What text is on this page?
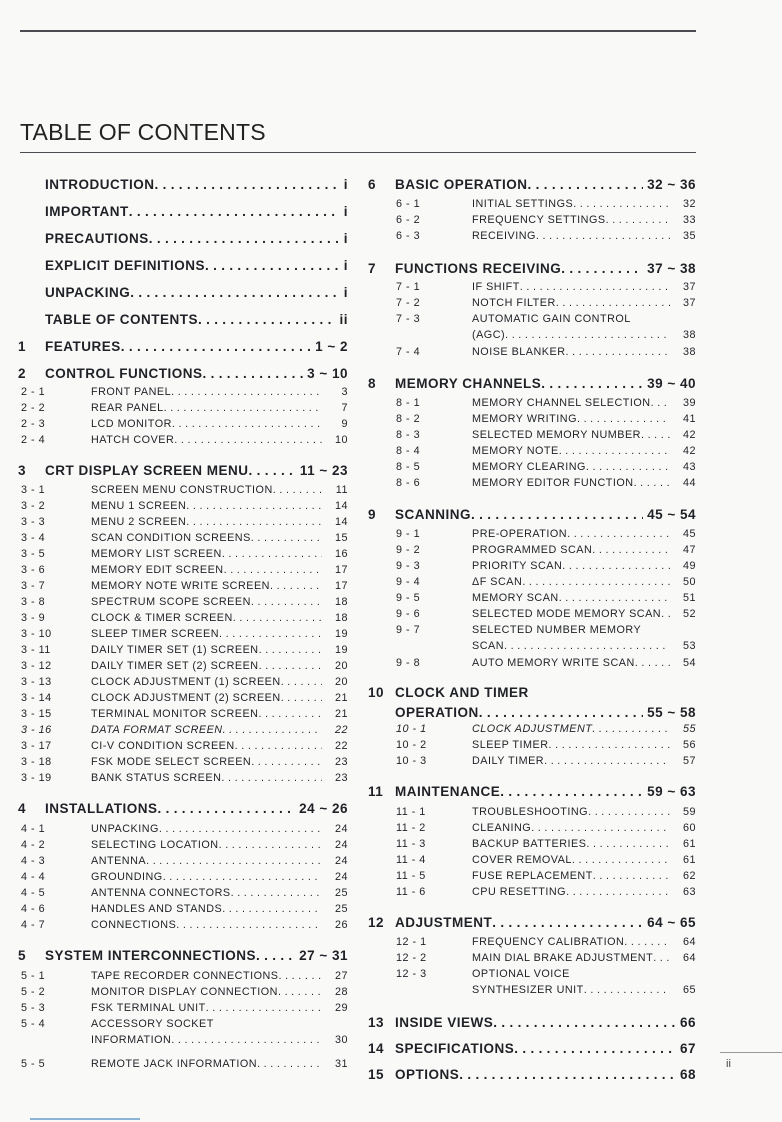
TABLE OF CONTENTS
INTRODUCTION . . .	i
IMPORTANT . . .	i
PRECAUTIONS . . .	i
EXPLICIT DEFINITIONS . . .	i
UNPACKING . . .	i
TABLE OF CONTENTS . . .	ii
1	FEATURES . . .	1 ~ 2
2	CONTROL FUNCTIONS . . .	3 ~ 10
2 - 1	FRONT PANEL . . .	3
2 - 2	REAR PANEL . . .	7
2 - 3	LCD MONITOR . . .	9
2 - 4	HATCH COVER . . .	10
3	CRT DISPLAY SCREEN MENU . . .	11 ~ 23
3 - 1	SCREEN MENU CONSTRUCTION . . .	11
3 - 2	MENU 1 SCREEN . . .	14
3 - 3	MENU 2 SCREEN . . .	14
3 - 4	SCAN CONDITION SCREENS . . .	15
3 - 5	MEMORY LIST SCREEN . . .	16
3 - 6	MEMORY EDIT SCREEN . . .	17
3 - 7	MEMORY NOTE WRITE SCREEN . . .	17
3 - 8	SPECTRUM SCOPE SCREEN . . .	18
3 - 9	CLOCK & TIMER SCREEN . . .	18
3 - 10	SLEEP TIMER SCREEN . . .	19
3 - 11	DAILY TIMER SET (1) SCREEN . . .	19
3 - 12	DAILY TIMER SET (2) SCREEN . . .	20
3 - 13	CLOCK ADJUSTMENT (1) SCREEN . . .	20
3 - 14	CLOCK ADJUSTMENT (2) SCREEN . . .	21
3 - 15	TERMINAL MONITOR SCREEN . . .	21
3 - 16	DATA FORMAT SCREEN . . .	22
3 - 17	CI-V CONDITION SCREEN . . .	22
3 - 18	FSK MODE SELECT SCREEN . . .	23
3 - 19	BANK STATUS SCREEN . . .	23
4	INSTALLATIONS . . .	24 ~ 26
4 - 1	UNPACKING . . .	24
4 - 2	SELECTING LOCATION . . .	24
4 - 3	ANTENNA . . .	24
4 - 4	GROUNDING . . .	24
4 - 5	ANTENNA CONNECTORS . . .	25
4 - 6	HANDLES AND STANDS . . .	25
4 - 7	CONNECTIONS . . .	26
5	SYSTEM INTERCONNECTIONS . . .	27 ~ 31
5 - 1	TAPE RECORDER CONNECTIONS . . .	27
5 - 2	MONITOR DISPLAY CONNECTION . . .	28
5 - 3	FSK TERMINAL UNIT . . .	29
5 - 4	ACCESSORY SOCKET
INFORMATION . . .	30
5 - 5	REMOTE JACK INFORMATION . . .	31
6	BASIC OPERATION . . .	32 ~ 36
6 - 1	INITIAL SETTINGS . . .	32
6 - 2	FREQUENCY SETTINGS . . .	33
6 - 3	RECEIVING . . .	35
7	FUNCTIONS RECEIVING . . .	37 ~ 38
7 - 1	IF SHIFT . . .	37
7 - 2	NOTCH FILTER . . .	37
7 - 3	AUTOMATIC GAIN CONTROL
(AGC) . . .	38
7 - 4	NOISE BLANKER . . .	38
8	MEMORY CHANNELS . . .	39 ~ 40
8 - 1	MEMORY CHANNEL SELECTION . . .	39
8 - 2	MEMORY WRITING . . .	41
8 - 3	SELECTED MEMORY NUMBER . . .	42
8 - 4	MEMORY NOTE . . .	42
8 - 5	MEMORY CLEARING . . .	43
8 - 6	MEMORY EDITOR FUNCTION . . .	44
9	SCANNING . . .	45 ~ 54
9 - 1	PRE-OPERATION . . .	45
9 - 2	PROGRAMMED SCAN . . .	47
9 - 3	PRIORITY SCAN . . .	49
9 - 4	ΔF SCAN . . .	50
9 - 5	MEMORY SCAN . . .	51
9 - 6	SELECTED MODE MEMORY SCAN . . .	52
9 - 7	SELECTED NUMBER MEMORY
SCAN . . .	53
9 - 8	AUTO MEMORY WRITE SCAN . . .	54
10 CLOCK AND TIMER
OPERATION . . .	55 ~ 58
10 - 1	CLOCK ADJUSTMENT . . .	55
10 - 2	SLEEP TIMER . . .	56
10 - 3	DAILY TIMER . . .	57
11 MAINTENANCE . . .	59 ~ 63
11 - 1	TROUBLESHOOTING . . .	59
11 - 2	CLEANING . . .	60
11 - 3	BACKUP BATTERIES . . .	61
11 - 4	COVER REMOVAL . . .	61
11 - 5	FUSE REPLACEMENT . . .	62
11 - 6	CPU RESETTING . . .	63
12 ADJUSTMENT . . .	64 ~ 65
12 - 1	FREQUENCY CALIBRATION . . .	64
12 - 2	MAIN DIAL BRAKE ADJUSTMENT . . .	64
12 - 3	OPTIONAL VOICE
SYNTHESIZER UNIT . . .	65
13 INSIDE VIEWS . . .	66
14 SPECIFICATIONS . . .	67
15 OPTIONS . . .	68
ii
